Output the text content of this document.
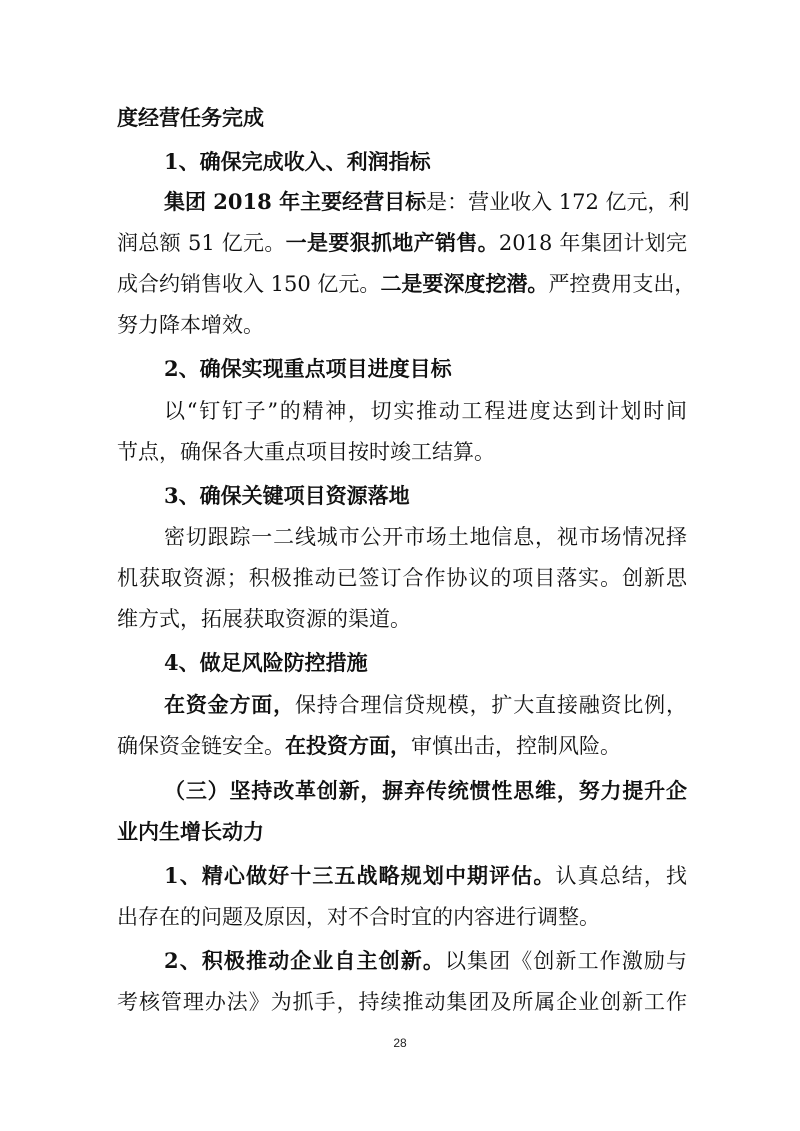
度经营任务完成
1、确保完成收入、利润指标
集团 2018 年主要经营目标是：营业收入 172 亿元，利
润总额 51 亿元。一是要狠抓地产销售。2018 年集团计划完
成合约销售收入 150 亿元。二是要深度挖潜。严控费用支出，
努力降本增效。
2、确保实现重点项目进度目标
以“钉钉子”的精神，切实推动工程进度达到计划时间
节点，确保各大重点项目按时竣工结算。
3、确保关键项目资源落地
密切跟踪一二线城市公开市场土地信息，视市场情况择
机获取资源；积极推动已签订合作协议的项目落实。创新思
维方式，拓展获取资源的渠道。
4、做足风险防控措施
在资金方面，保持合理信贷规模，扩大直接融资比例，
确保资金链安全。在投资方面，审慎出击，控制风险。
（三）坚持改革创新，摒弃传统惯性思维，努力提升企
业内生增长动力
1、精心做好十三五战略规划中期评估。认真总结，找
出存在的问题及原因，对不合时宜的内容进行调整。
2、积极推动企业自主创新。以集团《创新工作激励与
考核管理办法》为抓手，持续推动集团及所属企业创新工作
28
